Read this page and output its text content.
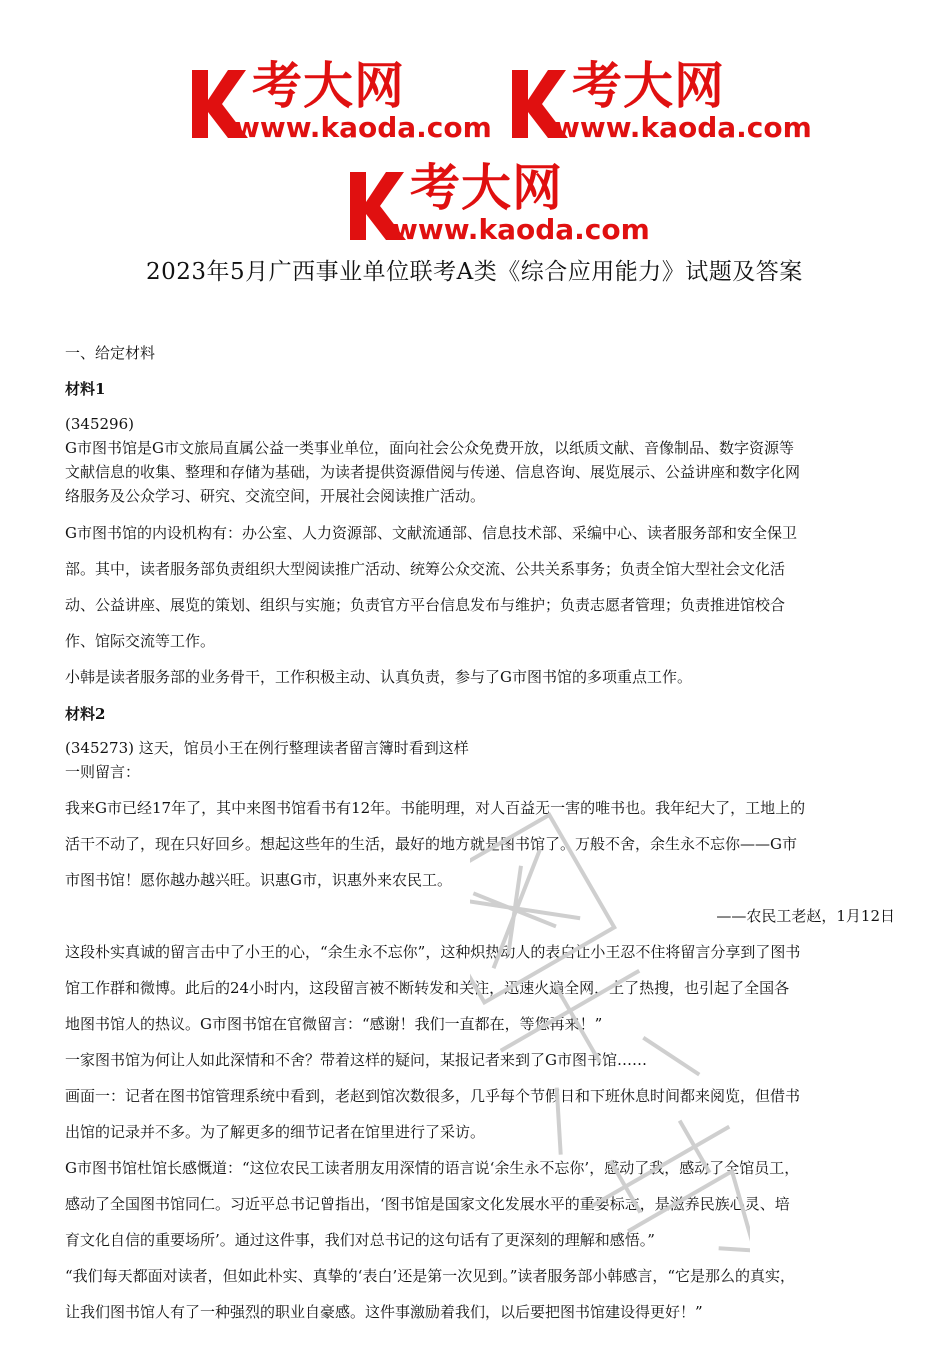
考大网
www.kaoda.com
考大网
www.kaoda.com
考大网
www.kaoda.com
2023年5月广西事业单位联考A类《综合应用能力》试题及答案
一、给定材料
材料1
(345296)
G市图书馆是G市文旅局直属公益一类事业单位，面向社会公众免费开放，以纸质文献、音像制品、数字资源等
文献信息的收集、整理和存储为基础，为读者提供资源借阅与传递、信息咨询、展览展示、公益讲座和数字化网
络服务及公众学习、研究、交流空间，开展社会阅读推广活动。
G市图书馆的内设机构有：办公室、人力资源部、文献流通部、信息技术部、采编中心、读者服务部和安全保卫
部。其中，读者服务部负责组织大型阅读推广活动、统筹公众交流、公共关系事务；负责全馆大型社会文化活
动、公益讲座、展览的策划、组织与实施；负责官方平台信息发布与维护；负责志愿者管理；负责推进馆校合
作、馆际交流等工作。
小韩是读者服务部的业务骨干，工作积极主动、认真负责，参与了G市图书馆的多项重点工作。
材料2
(345273) 这天，馆员小王在例行整理读者留言簿时看到这样
一则留言：
我来G市已经17年了，其中来图书馆看书有12年。书能明理，对人百益无一害的唯书也。我年纪大了，工地上的
活干不动了，现在只好回乡。想起这些年的生活，最好的地方就是图书馆了。万般不舍，余生永不忘你——G市
市图书馆！愿你越办越兴旺。识惠G市，识惠外来农民工。
——农民工老赵，1月12日
这段朴实真诚的留言击中了小王的心，“余生永不忘你”，这种炽热动人的表白让小王忍不住将留言分享到了图书
馆工作群和微博。此后的24小时内，这段留言被不断转发和关注，迅速火遍全网，上了热搜，也引起了全国各
地图书馆人的热议。G市图书馆在官微留言：“感谢！我们一直都在，等您再来！”
一家图书馆为何让人如此深情和不舍？带着这样的疑问，某报记者来到了G市图书馆……
画面一：记者在图书馆管理系统中看到，老赵到馆次数很多，几乎每个节假日和下班休息时间都来阅览，但借书
出馆的记录并不多。为了解更多的细节记者在馆里进行了采访。
G市图书馆杜馆长感慨道：“这位农民工读者朋友用深情的语言说‘余生永不忘你’，感动了我，感动了全馆员工，
感动了全国图书馆同仁。习近平总书记曾指出，‘图书馆是国家文化发展水平的重要标志，是滋养民族心灵、培
育文化自信的重要场所’。通过这件事，我们对总书记的这句话有了更深刻的理解和感悟。”
“我们每天都面对读者，但如此朴实、真挚的‘表白’还是第一次见到。”读者服务部小韩感言，“它是那么的真实，
让我们图书馆人有了一种强烈的职业自豪感。这件事激励着我们，以后要把图书馆建设得更好！”
